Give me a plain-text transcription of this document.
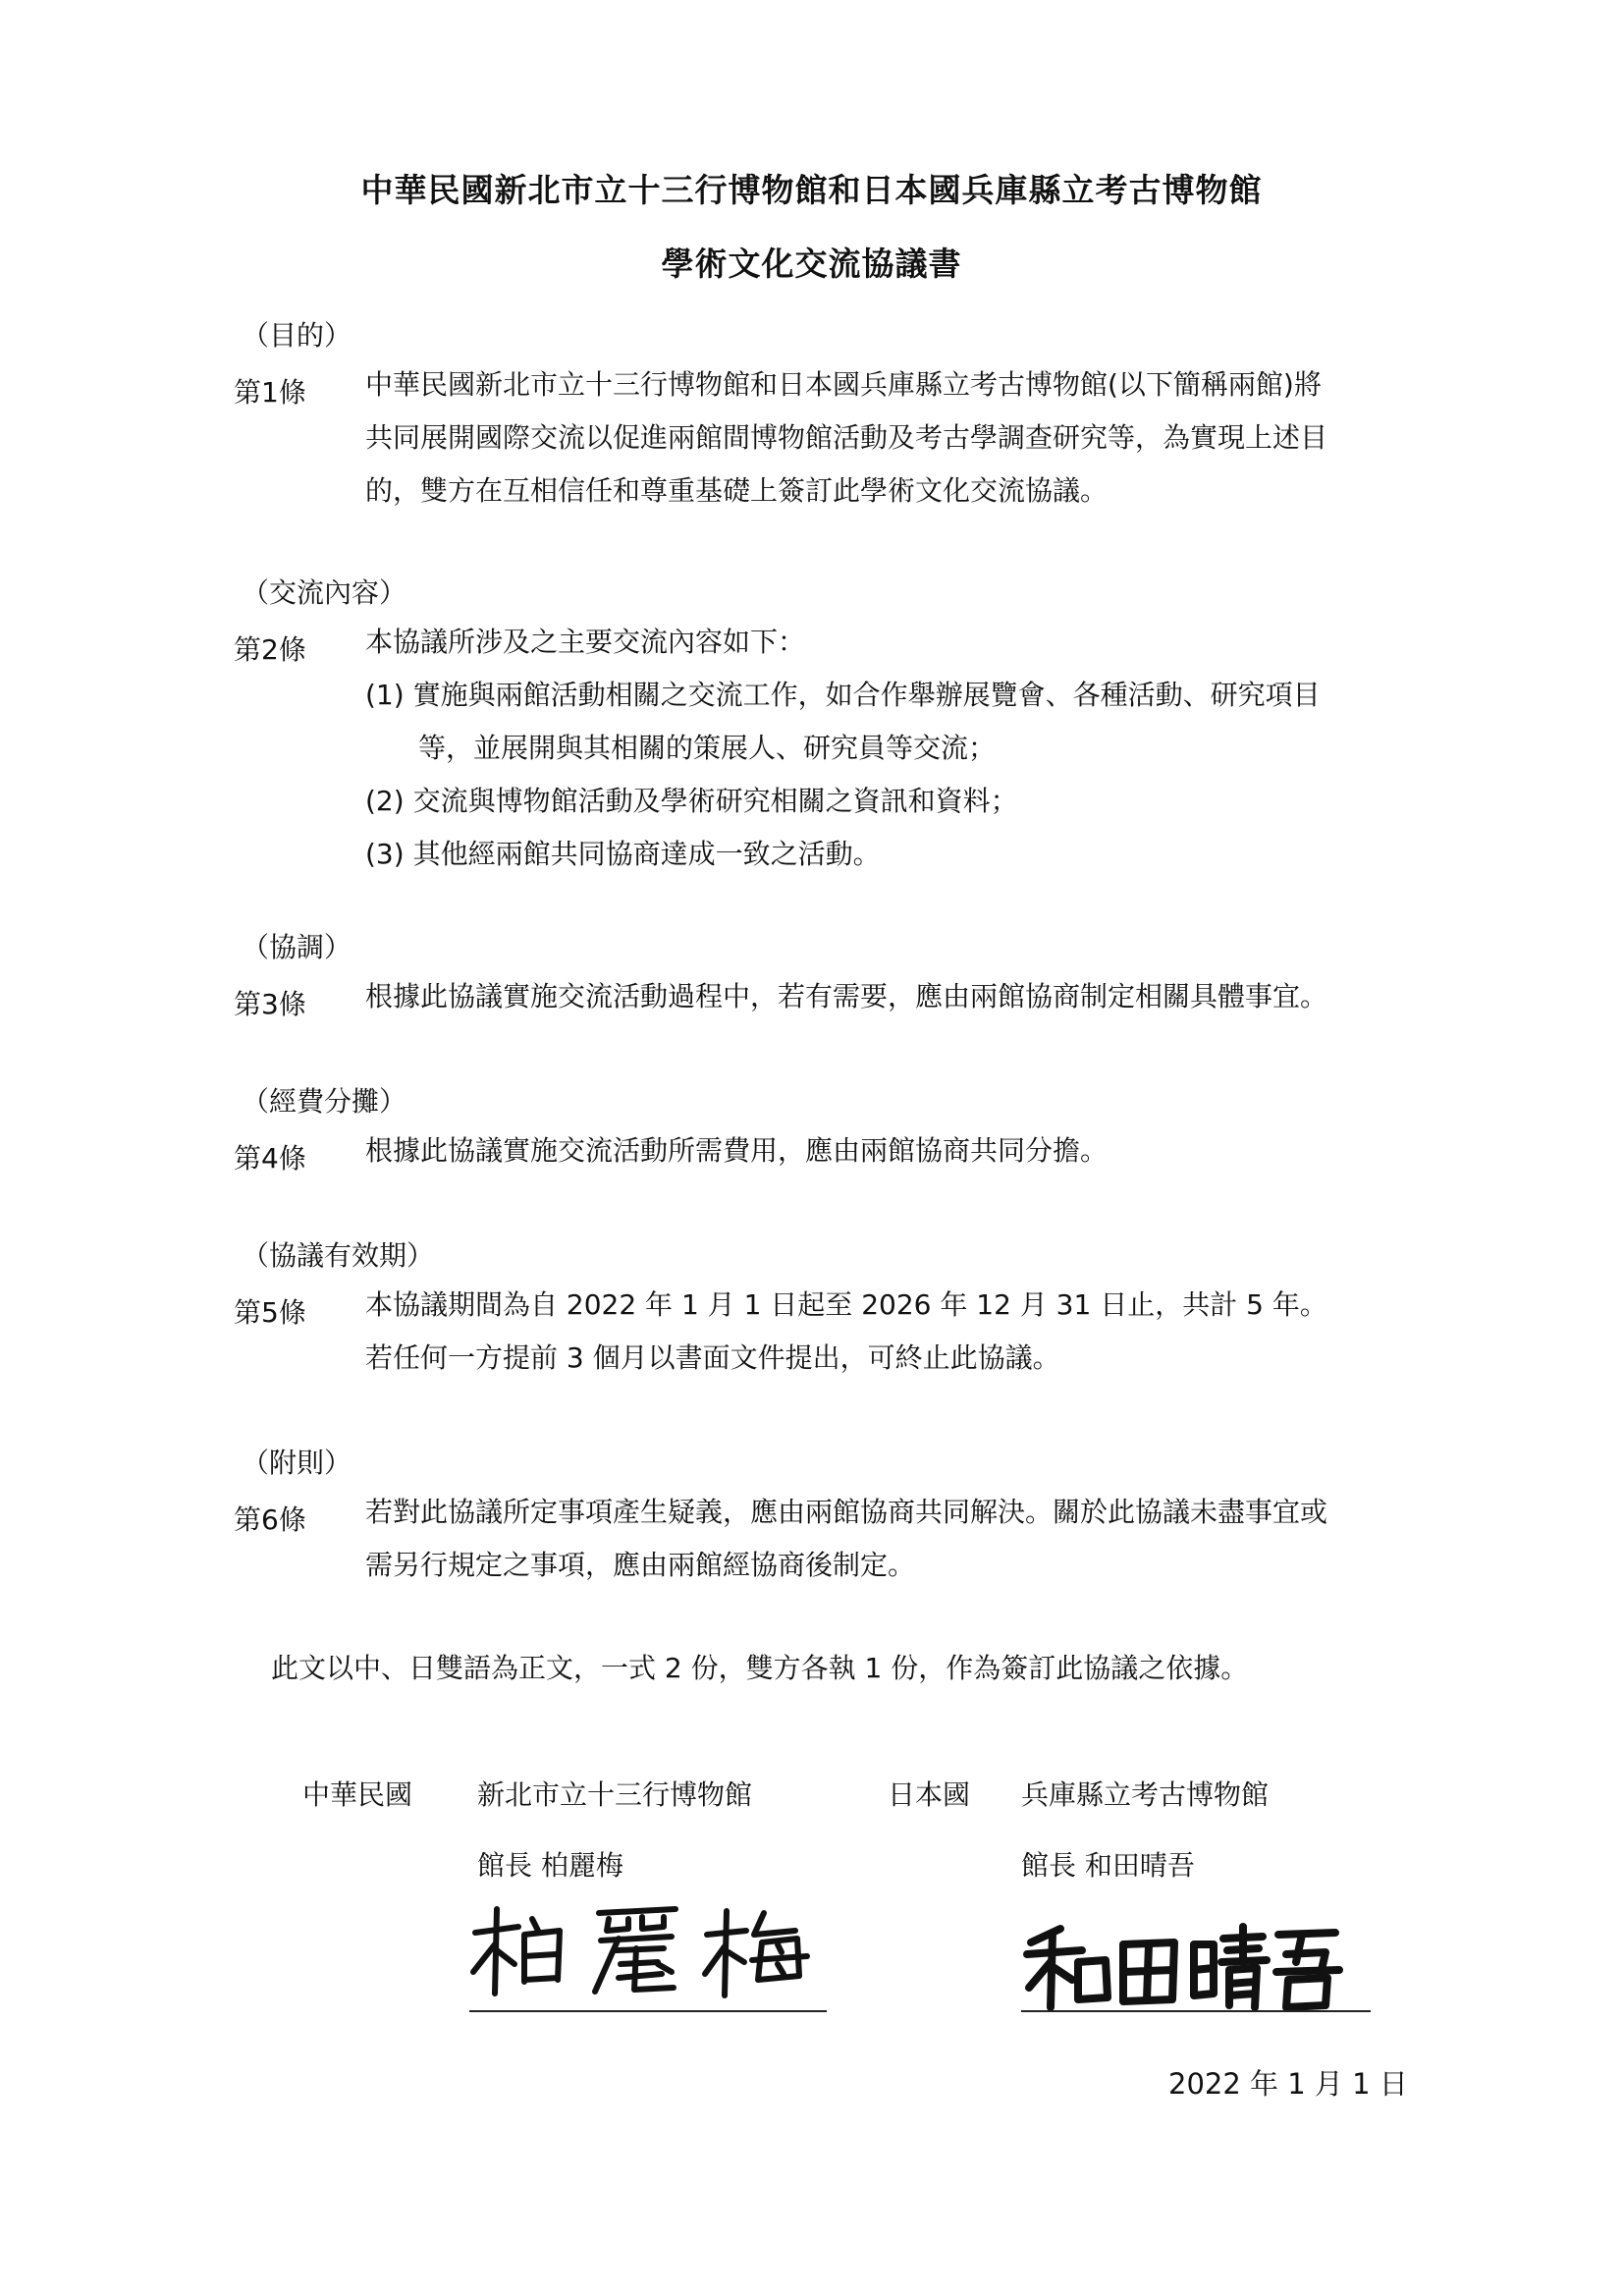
中華民國新北市立十三行博物館和日本國兵庫縣立考古博物館
學術文化交流協議書
（目的）
第1條 中華民國新北市立十三行博物館和日本國兵庫縣立考古博物館(以下簡稱兩館)將

共同展開國際交流以促進兩館間博物館活動及考古學調查研究等，為實現上述目

的，雙方在互相信任和尊重基礎上簽訂此學術文化交流協議。

（交流內容）
第2條 本協議所涉及之主要交流內容如下：

(1) 實施與兩館活動相關之交流工作，如合作舉辦展覽會、各種活動、研究項目

等，並展開與其相關的策展人、研究員等交流；

(2) 交流與博物館活動及學術研究相關之資訊和資料；

(3) 其他經兩館共同協商達成一致之活動。

（協調）
第3條 根據此協議實施交流活動過程中，若有需要，應由兩館協商制定相關具體事宜。

（經費分攤）
第4條 根據此協議實施交流活動所需費用，應由兩館協商共同分擔。

（協議有效期）
第5條 本協議期間為自 2022 年 1 月 1 日起至 2026 年 12 月 31 日止，共計 5 年。

若任何一方提前 3 個月以書面文件提出，可終止此協議。

（附則）
第6條 若對此協議所定事項產生疑義，應由兩館協商共同解決。關於此協議未盡事宜或

需另行規定之事項，應由兩館經協商後制定。

此文以中、日雙語為正文，一式 2 份，雙方各執 1 份，作為簽訂此協議之依據。
中華民國 新北市立十三行博物館
館長 柏麗梅
日本國 兵庫縣立考古博物館
館長 和田晴吾
2022 年 1 月 1 日
